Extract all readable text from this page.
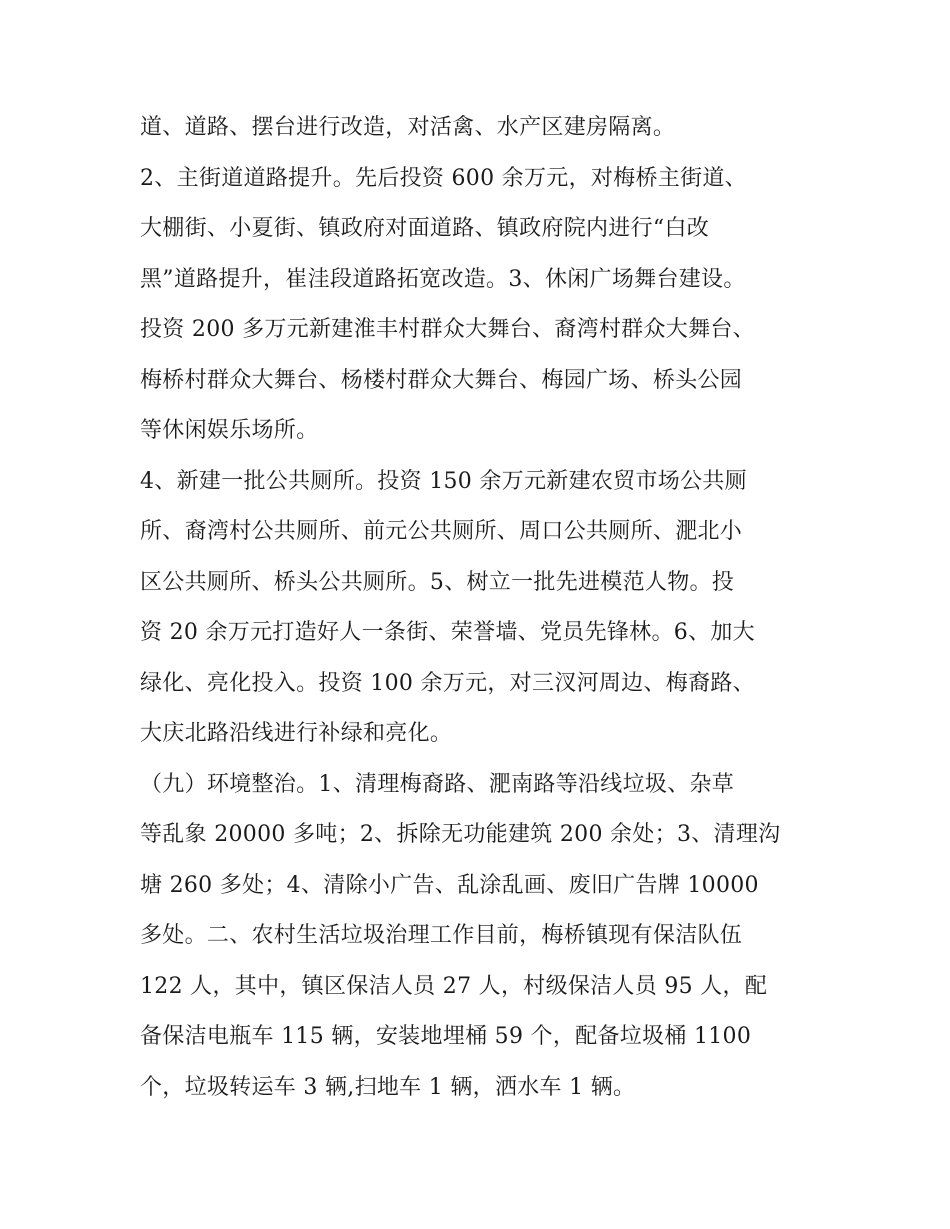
道、道路、摆台进行改造，对活禽、水产区建房隔离。
2、主街道道路提升。先后投资 600 余万元，对梅桥主街道、
大棚街、小夏街、镇政府对面道路、镇政府院内进行“白改
黑”道路提升，崔洼段道路拓宽改造。3、休闲广场舞台建设。
投资 200 多万元新建淮丰村群众大舞台、裔湾村群众大舞台、
梅桥村群众大舞台、杨楼村群众大舞台、梅园广场、桥头公园
等休闲娱乐场所。
4、新建一批公共厕所。投资 150 余万元新建农贸市场公共厕
所、裔湾村公共厕所、前元公共厕所、周口公共厕所、淝北小
区公共厕所、桥头公共厕所。5、树立一批先进模范人物。投
资 20 余万元打造好人一条街、荣誉墙、党员先锋林。6、加大
绿化、亮化投入。投资 100 余万元，对三汊河周边、梅裔路、
大庆北路沿线进行补绿和亮化。
（九）环境整治。1、清理梅裔路、淝南路等沿线垃圾、杂草
等乱象 20000 多吨；2、拆除无功能建筑 200 余处；3、清理沟
塘 260 多处；4、清除小广告、乱涂乱画、废旧广告牌 10000
多处。二、农村生活垃圾治理工作目前，梅桥镇现有保洁队伍
122 人，其中，镇区保洁人员 27 人，村级保洁人员 95 人，配
备保洁电瓶车 115 辆，安装地埋桶 59 个，配备垃圾桶 1100
个，垃圾转运车 3 辆,扫地车 1 辆，洒水车 1 辆。
